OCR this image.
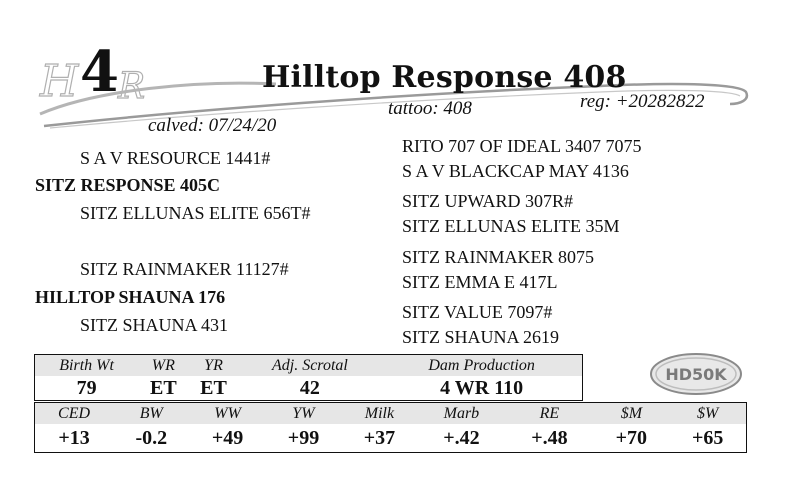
H R
4	Hilltop Response 408
tattoo: 408	reg: +20282822
calved: 07/24/20
S A V RESOURCE 1441#
SITZ RESPONSE 405C
SITZ ELLUNAS ELITE 656T#
SITZ RAINMAKER 11127#
HILLTOP SHAUNA 176
SITZ SHAUNA 431
RITO 707 OF IDEAL 3407 7075
S A V BLACKCAP MAY 4136
SITZ UPWARD 307R#
SITZ ELLUNAS ELITE 35M
SITZ RAINMAKER 8075
SITZ EMMA E 417L
SITZ VALUE 7097#
SITZ SHAUNA 2619
Birth Wt	WR	YR	Adj. Scrotal	Dam Production
79	ET	ET	42	4 WR 110
HD50K
CED	BW	WW	YW	Milk	Marb	RE	$M	$W
+13	-0.2	+49	+99	+37	+.42	+.48	+70	+65
